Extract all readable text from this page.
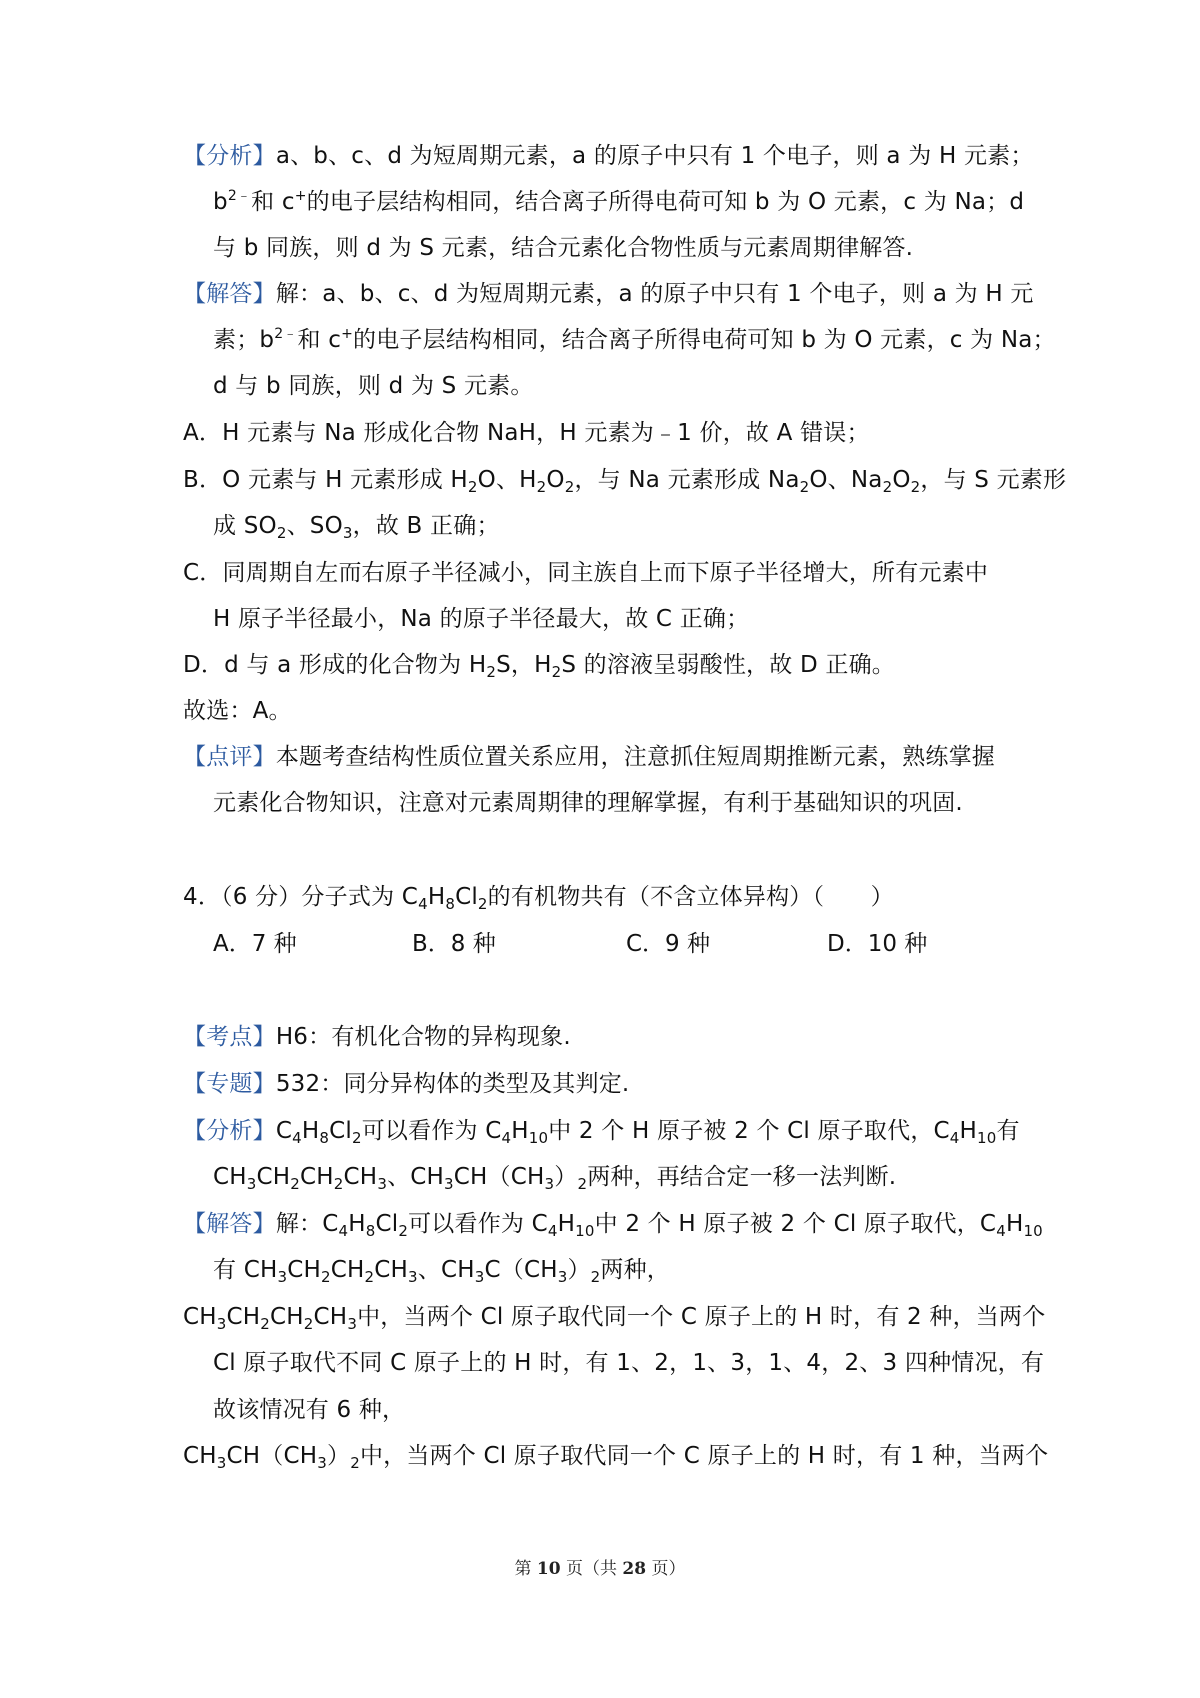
【分析】a、b、c、d 为短周期元素，a 的原子中只有 1 个电子，则 a 为 H 元素；
$b^{2﹣}$和 c+的电子层结构相同，结合离子所得电荷可知 b 为 O 元素，c 为 Na；d
与 b 同族，则 d 为 S 元素，结合元素化合物性质与元素周期律解答.
【解答】解：a、b、c、d 为短周期元素，a 的原子中只有 1 个电子，则 a 为 H 元
素；$b^{2﹣}$和 c+的电子层结构相同，结合离子所得电荷可知 b 为 O 元素，c 为 Na；
d 与 b 同族，则 d 为 S 元素。
A．H 元素与 Na 形成化合物 NaH，H 元素为﹣1 价，故 A 错误；
B．O 元素与 H 元素形成 $H_2O$、$H_2O_2$，与 Na 元素形成 $Na_2O$、$Na_2O_2$，与 S 元素形
成 $SO_2$、$SO_3$，故 B 正确；
C．同周期自左而右原子半径减小，同主族自上而下原子半径增大，所有元素中
H 原子半径最小，Na 的原子半径最大，故 C 正确；
D．d 与 a 形成的化合物为 $H_2S$，$H_2S$ 的溶液呈弱酸性，故 D 正确。
故选：A。
【点评】本题考查结构性质位置关系应用，注意抓住短周期推断元素，熟练掌握
元素化合物知识，注意对元素周期律的理解掌握，有利于基础知识的巩固.
4．（6 分）分子式为 $C_4H_8Cl_2$的有机物共有（不含立体异构）（　　）
A．7 种	B．8 种	C．9 种	D．10 种
【考点】H6：有机化合物的异构现象.
【专题】532：同分异构体的类型及其判定.
【分析】$C_4H_8Cl_2$可以看作为 $C_4H_{10}$中 2 个 H 原子被 2 个 Cl 原子取代，$C_4H_{10}$有
$CH_3CH_2CH_2CH_3$、$CH_3CH(CH_3)_2$两种，再结合定一移一法判断.
【解答】解：$C_4H_8Cl_2$可以看作为 $C_4H_{10}$中 2 个 H 原子被 2 个 Cl 原子取代，$C_4H_{10}$
有 $CH_3CH_2CH_2CH_3$、$CH_3C(CH_3)_2$两种，
$CH_3CH_2CH_2CH_3$中，当两个 Cl 原子取代同一个 C 原子上的 H 时，有 2 种，当两个
Cl 原子取代不同 C 原子上的 H 时，有 1、2，1、3，1、4，2、3 四种情况，有
故该情况有 6 种，
$CH_3CH(CH_3)_2$中，当两个 Cl 原子取代同一个 C 原子上的 H 时，有 1 种，当两个
第 10 页（共 28 页）
